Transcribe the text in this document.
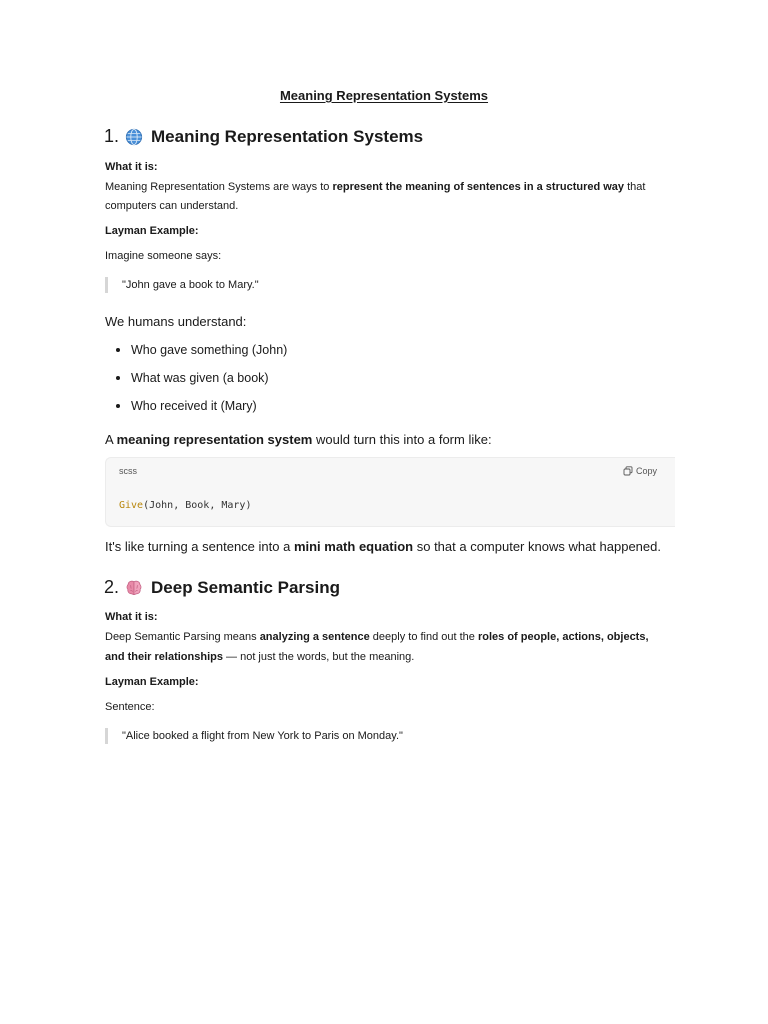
Meaning Representation Systems
1. Meaning Representation Systems
What it is:
Meaning Representation Systems are ways to represent the meaning of sentences in a structured way that
computers can understand.
Layman Example:
Imagine someone says:
"John gave a book to Mary."
We humans understand:
Who gave something (John)
What was given (a book)
Who received it (Mary)
A meaning representation system would turn this into a form like:
scss	Copy
Give(John, Book, Mary)
It's like turning a sentence into a mini math equation so that a computer knows what happened.
2. Deep Semantic Parsing
What it is:
Deep Semantic Parsing means analyzing a sentence deeply to find out the roles of people, actions, objects,
and their relationships — not just the words, but the meaning.
Layman Example:
Sentence:
"Alice booked a flight from New York to Paris on Monday."
